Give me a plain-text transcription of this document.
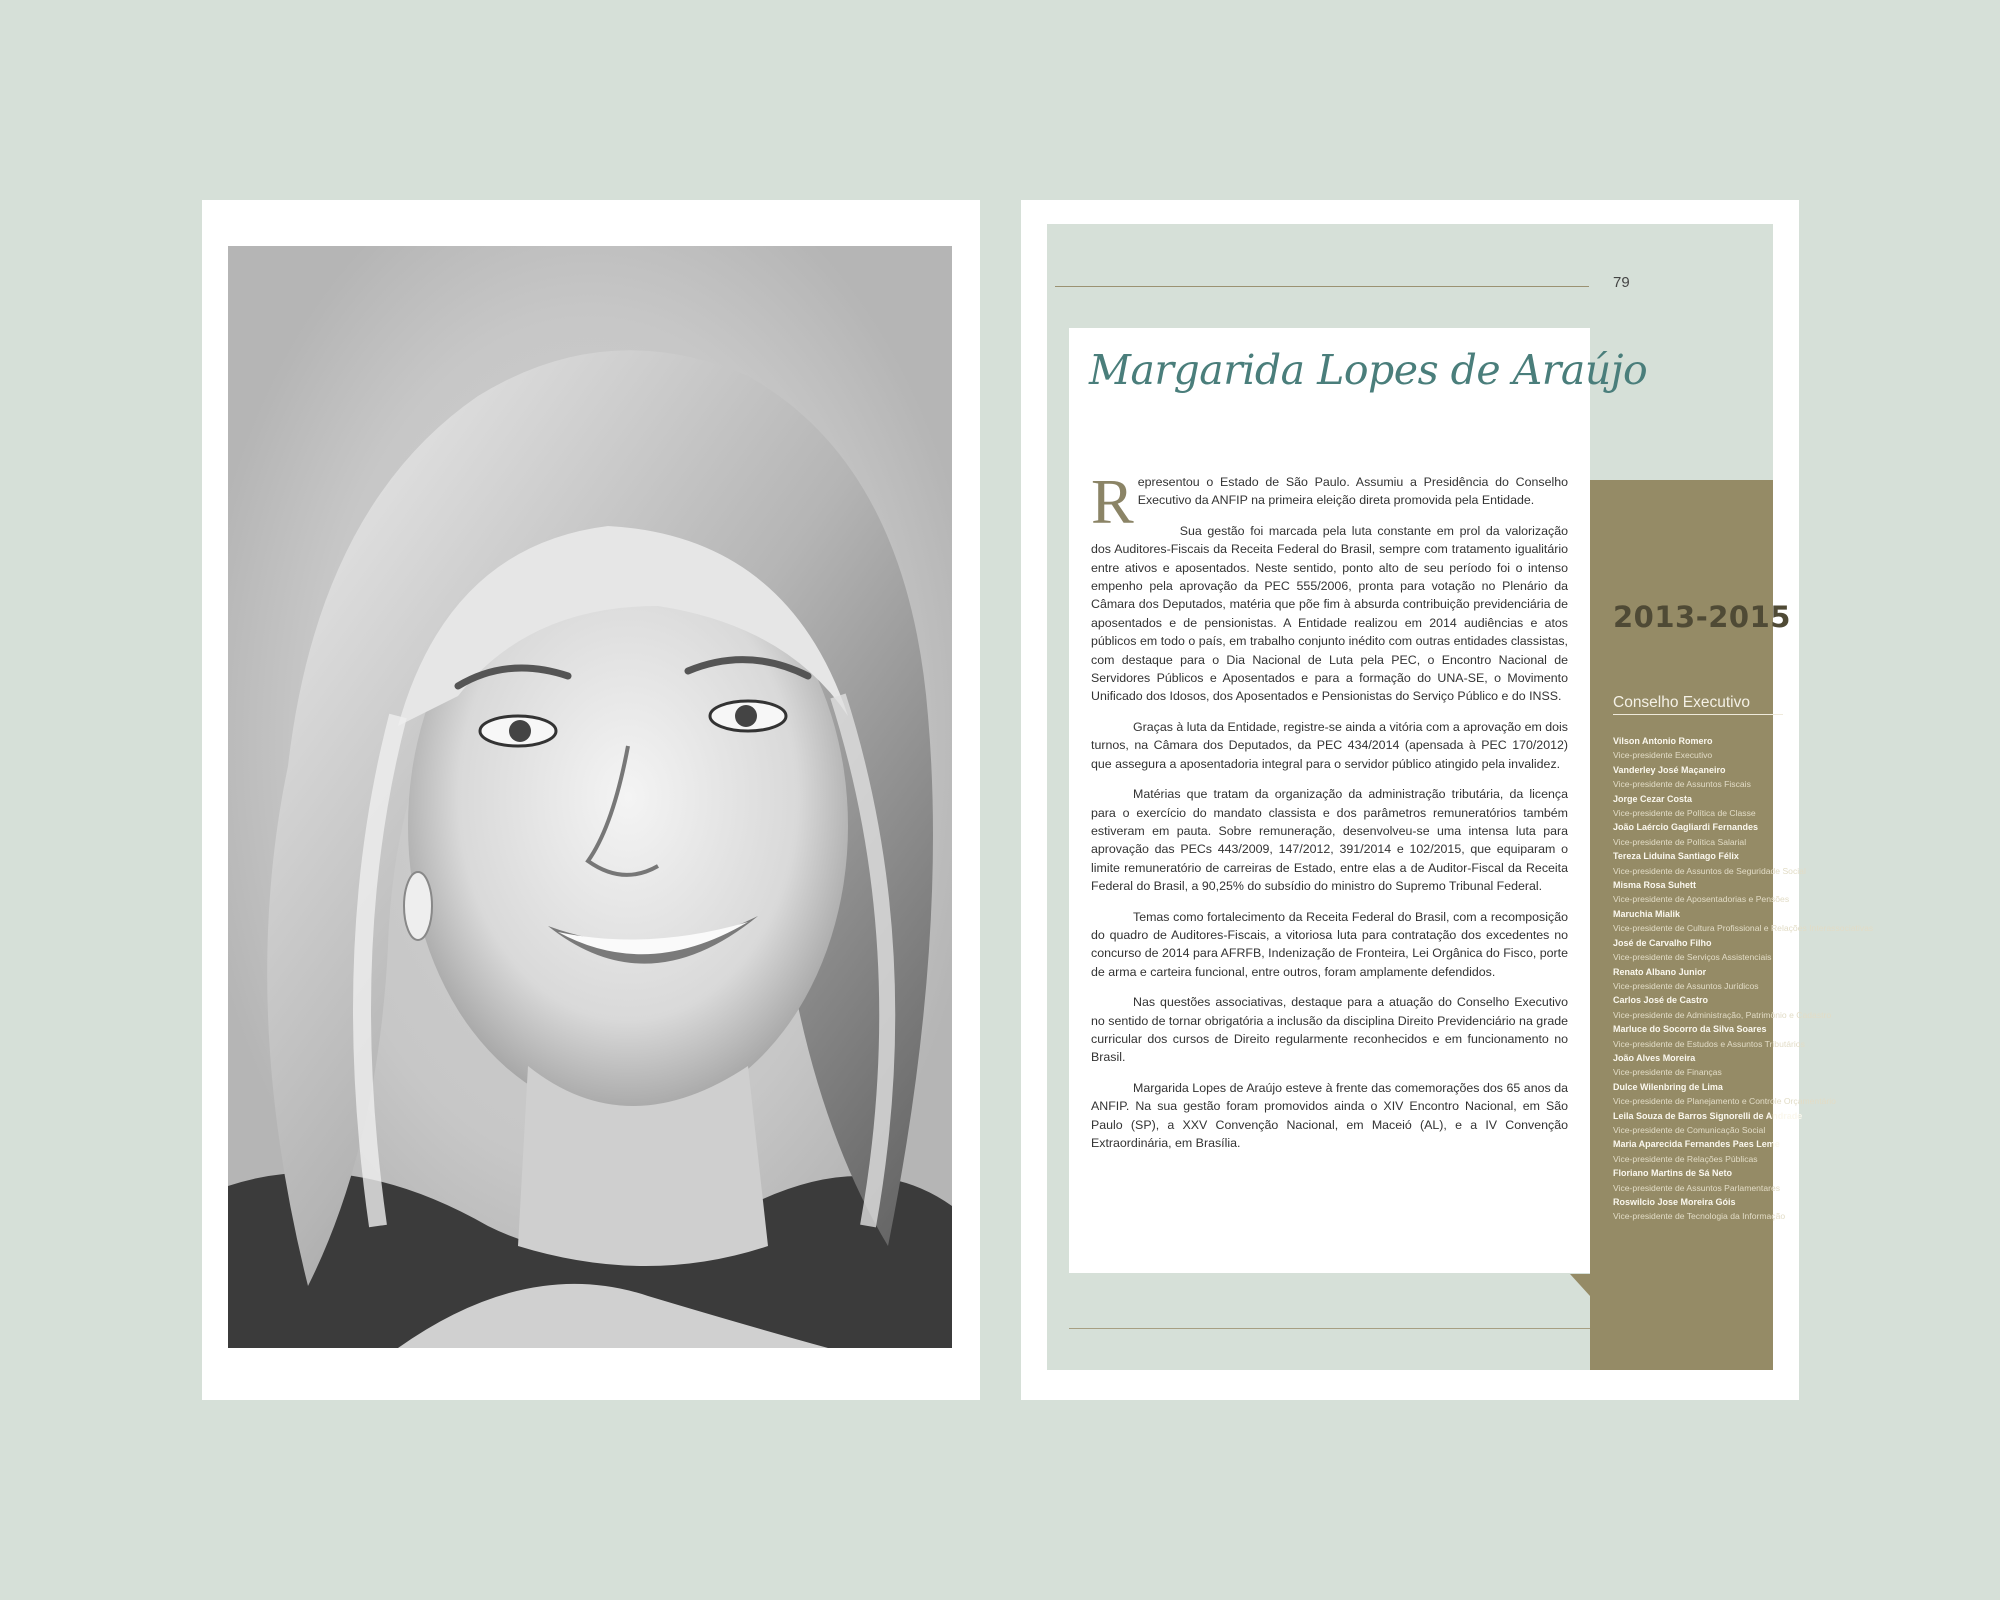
79
Margarida Lopes de Araújo

Representou o Estado de São Paulo. Assumiu a Presidência do Conselho Executivo da ANFIP na primeira eleição direta promovida pela Entidade.

Sua gestão foi marcada pela luta constante em prol da valorização dos Auditores-Fiscais da Receita Federal do Brasil, sempre com tratamento igualitário entre ativos e aposentados. Neste sentido, ponto alto de seu período foi o intenso empenho pela aprovação da PEC 555/2006, pronta para votação no Plenário da Câmara dos Deputados, matéria que põe fim à absurda contribuição previdenciária de aposentados e de pensionistas. A Entidade realizou em 2014 audiências e atos públicos em todo o país, em trabalho conjunto inédito com outras entidades classistas, com destaque para o Dia Nacional de Luta pela PEC, o Encontro Nacional de Servidores Públicos e Aposentados e para a formação do UNA-SE, o Movimento Unificado dos Idosos, dos Aposentados e Pensionistas do Serviço Público e do INSS.

Graças à luta da Entidade, registre-se ainda a vitória com a aprovação em dois turnos, na Câmara dos Deputados, da PEC 434/2014 (apensada à PEC 170/2012) que assegura a aposentadoria integral para o servidor público atingido pela invalidez.

Matérias que tratam da organização da administração tributária, da licença para o exercício do mandato classista e dos parâmetros remuneratórios também estiveram em pauta. Sobre remuneração, desenvolveu-se uma intensa luta para aprovação das PECs 443/2009, 147/2012, 391/2014 e 102/2015, que equiparam o limite remuneratório de carreiras de Estado, entre elas a de Auditor-Fiscal da Receita Federal do Brasil, a 90,25% do subsídio do ministro do Supremo Tribunal Federal.

Temas como fortalecimento da Receita Federal do Brasil, com a recomposição do quadro de Auditores-Fiscais, a vitoriosa luta para contratação dos excedentes no concurso de 2014 para AFRFB, Indenização de Fronteira, Lei Orgânica do Fisco, porte de arma e carteira funcional, entre outros, foram amplamente defendidos.

Nas questões associativas, destaque para a atuação do Conselho Executivo no sentido de tornar obrigatória a inclusão da disciplina Direito Previdenciário na grade curricular dos cursos de Direito regularmente reconhecidos e em funcionamento no Brasil.

Margarida Lopes de Araújo esteve à frente das comemorações dos 65 anos da ANFIP. Na sua gestão foram promovidos ainda o XIV Encontro Nacional, em São Paulo (SP), a XXV Convenção Nacional, em Maceió (AL), e a IV Convenção Extraordinária, em Brasília.

2013-2015
Conselho Executivo
Vilson Antonio Romero
Vice-presidente Executivo
Vanderley José Maçaneiro
Vice-presidente de Assuntos Fiscais
Jorge Cezar Costa
Vice-presidente de Política de Classe
João Laércio Gagliardi Fernandes
Vice-presidente de Política Salarial
Tereza Liduina Santiago Félix
Vice-presidente de Assuntos de Seguridade Social
Misma Rosa Suhett
Vice-presidente de Aposentadorias e Pensões
Maruchia Mialik
Vice-presidente de Cultura Profissional e Relações Interassociativas
José de Carvalho Filho
Vice-presidente de Serviços Assistenciais
Renato Albano Junior
Vice-presidente de Assuntos Jurídicos
Carlos José de Castro
Vice-presidente de Administração, Patrimônio e Cadastro
Marluce do Socorro da Silva Soares
Vice-presidente de Estudos e Assuntos Tributários
João Alves Moreira
Vice-presidente de Finanças
Dulce Wilenbring de Lima
Vice-presidente de Planejamento e Controle Orçamentário
Leila Souza de Barros Signorelli de Andrade
Vice-presidente de Comunicação Social
Maria Aparecida Fernandes Paes Leme
Vice-presidente de Relações Públicas
Floriano Martins de Sá Neto
Vice-presidente de Assuntos Parlamentares
Roswilcio Jose Moreira Góis
Vice-presidente de Tecnologia da Informação
